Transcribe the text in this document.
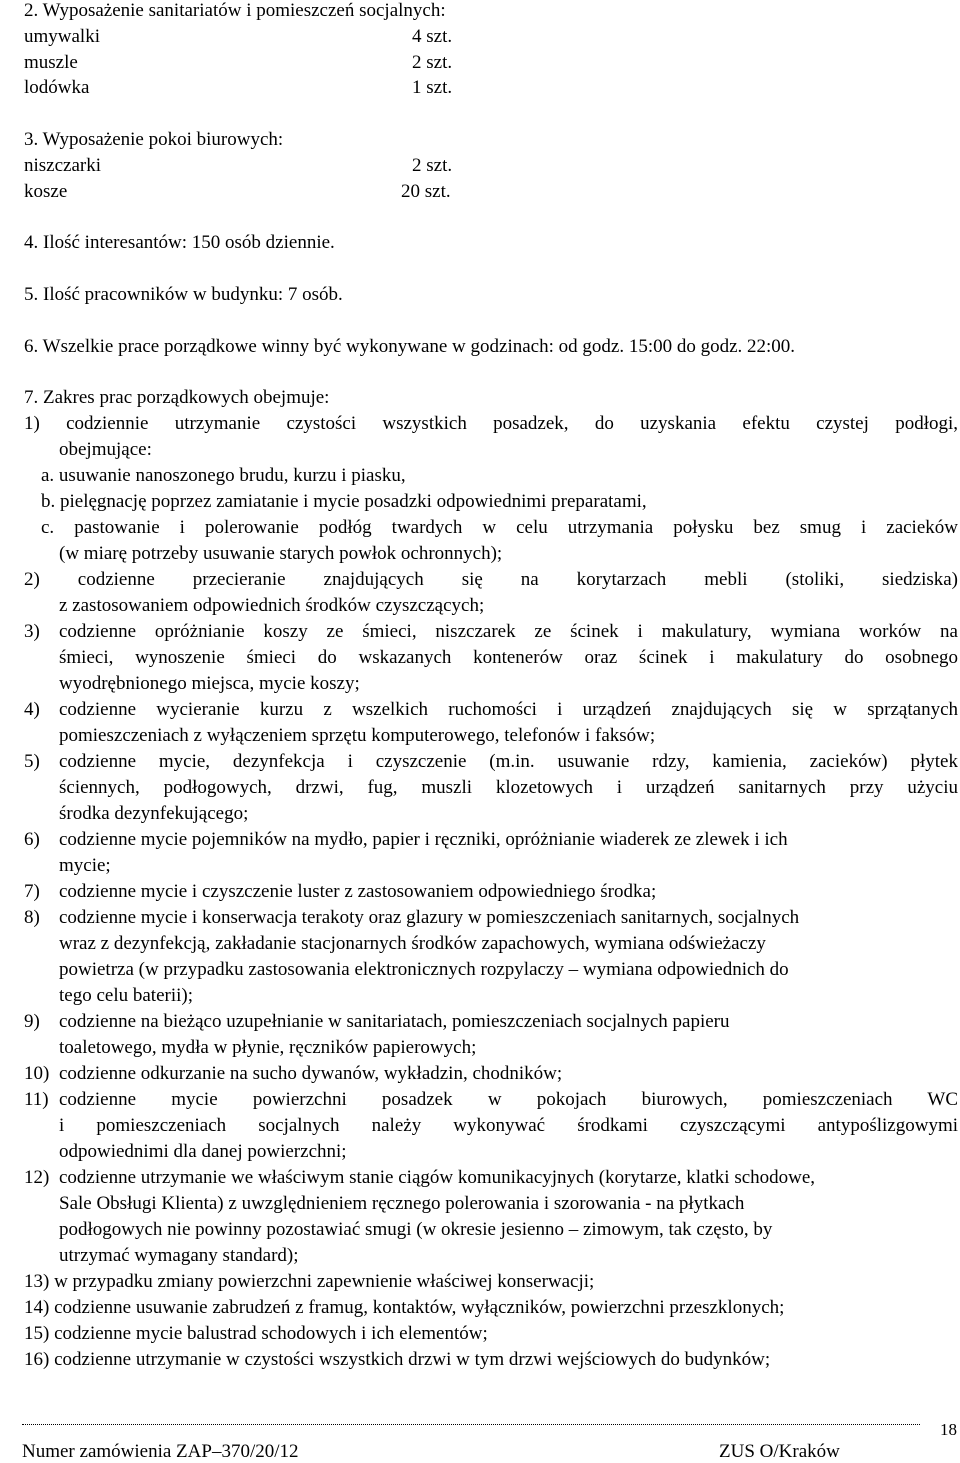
2. Wyposażenie sanitariatów i pomieszczeń socjalnych:
umywalki	4 szt.
muszle	2 szt.
lodówka	1 szt.
3. Wyposażenie pokoi biurowych:
niszczarki	2 szt.
kosze	20 szt.
4. Ilość interesantów: 150 osób dziennie.
5. Ilość pracowników w budynku: 7 osób.
6. Wszelkie prace porządkowe winny być wykonywane w godzinach: od godz. 15:00 do godz. 22:00.
7. Zakres prac porządkowych obejmuje:
1) codziennie utrzymanie czystości wszystkich posadzek, do uzyskania efektu czystej podłogi,
obejmujące:
a. usuwanie nanoszonego brudu, kurzu i piasku,
b. pielęgnację poprzez zamiatanie i mycie posadzki odpowiednimi preparatami,
c. pastowanie i polerowanie podłóg twardych w celu utrzymania połysku bez smug i zacieków
(w miarę potrzeby usuwanie starych powłok ochronnych);
2) codzienne przecieranie znajdujących się na korytarzach mebli (stoliki, siedziska)
z zastosowaniem odpowiednich środków czyszczących;
3) codzienne opróżnianie koszy ze śmieci, niszczarek ze ścinek i makulatury, wymiana worków na
śmieci, wynoszenie śmieci do wskazanych kontenerów oraz ścinek i makulatury do osobnego
wyodrębnionego miejsca, mycie koszy;
4) codzienne wycieranie kurzu z wszelkich ruchomości i urządzeń znajdujących się w sprzątanych
pomieszczeniach z wyłączeniem sprzętu komputerowego, telefonów i faksów;
5) codzienne mycie, dezynfekcja i czyszczenie (m.in. usuwanie rdzy, kamienia, zacieków) płytek
ściennych, podłogowych, drzwi, fug, muszli klozetowych i urządzeń sanitarnych przy użyciu
środka dezynfekującego;
6) codzienne mycie pojemników na mydło, papier i ręczniki, opróżnianie wiaderek ze zlewek i ich
mycie;
7) codzienne mycie i czyszczenie luster z zastosowaniem odpowiedniego środka;
8) codzienne mycie i konserwacja terakoty oraz glazury w pomieszczeniach sanitarnych, socjalnych
wraz z dezynfekcją, zakładanie stacjonarnych środków zapachowych, wymiana odświeżaczy
powietrza (w przypadku zastosowania elektronicznych rozpylaczy – wymiana odpowiednich do
tego celu baterii);
9) codzienne na bieżąco uzupełnianie w sanitariatach, pomieszczeniach socjalnych papieru
toaletowego, mydła w płynie, ręczników papierowych;
10) codzienne odkurzanie na sucho dywanów, wykładzin, chodników;
11) codzienne mycie powierzchni posadzek w pokojach biurowych, pomieszczeniach WC
i pomieszczeniach socjalnych należy wykonywać środkami czyszczącymi antypoślizgowymi
odpowiednimi dla danej powierzchni;
12) codzienne utrzymanie we właściwym stanie ciągów komunikacyjnych (korytarze, klatki schodowe,
Sale Obsługi Klienta) z uwzględnieniem ręcznego polerowania i szorowania - na płytkach
podłogowych nie powinny pozostawiać smugi (w okresie jesienno – zimowym, tak często, by
utrzymać wymagany standard);
13) w przypadku zmiany powierzchni zapewnienie właściwej konserwacji;
14) codzienne usuwanie zabrudzeń z framug, kontaktów, wyłączników, powierzchni przeszklonych;
15) codzienne mycie balustrad schodowych i ich elementów;
16) codzienne utrzymanie w czystości wszystkich drzwi w tym drzwi wejściowych do budynków;
18
Numer zamówienia ZAP–370/20/12	ZUS O/Kraków
